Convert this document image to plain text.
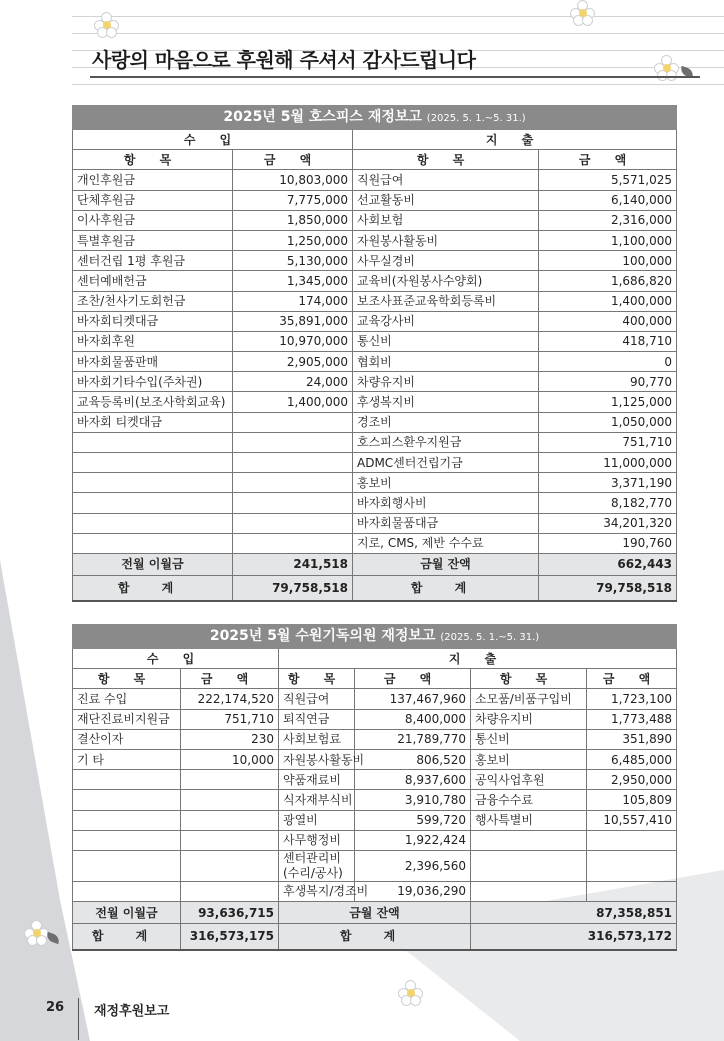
사랑의 마음으로 후원해 주셔서 감사드립니다
2025년 5월 호스피스 재정보고 (2025. 5. 1.~5. 31.)			
수 입		지 출	
항 목	금 액	항 목	금 액
개인후원금	10,803,000	직원급여	5,571,025
단체후원금	7,775,000	선교활동비	6,140,000
이사후원금	1,850,000	사회보험	2,316,000
특별후원금	1,250,000	자원봉사활동비	1,100,000
센터건립 1평 후원금	5,130,000	사무실경비	100,000
센터예배헌금	1,345,000	교육비(자원봉사수양회)	1,686,820
조찬/천사기도회헌금	174,000	보조사표준교육학회등록비	1,400,000
바자회티켓대금	35,891,000	교육강사비	400,000
바자회후원	10,970,000	통신비	418,710
바자회물품판매	2,905,000	협회비	0
바자회기타수입(주차권)	24,000	차량유지비	90,770
교육등록비(보조사학회교육)	1,400,000	후생복지비	1,125,000
바자회 티켓대금		경조비	1,050,000
		호스피스환우지원금	751,710
		ADMC센터건립기금	11,000,000
		홍보비	3,371,190
		바자회행사비	8,182,770
		바자회물품대금	34,201,320
		지로, CMS, 제반 수수료	190,760
전월 이월금	241,518	금월 잔액	662,443
합 계	79,758,518	합 계	79,758,518
2025년 5월 수원기독의원 재정보고 (2025. 5. 1.~5. 31.)					
수 입		지 출			
항 목	금 액	항 목	금 액	항 목	금 액
진료 수입	222,174,520	직원급여	137,467,960	소모품/비품구입비	1,723,100
재단진료비지원금	751,710	퇴직연금	8,400,000	차량유지비	1,773,488
결산이자	230	사회보험료	21,789,770	통신비	351,890
기 타	10,000	자원봉사활동비	806,520	홍보비	6,485,000
		약품재료비	8,937,600	공익사업후원	2,950,000
		식자재부식비	3,910,780	금융수수료	105,809
		광열비	599,720	행사특별비	10,557,410
		사무행정비	1,922,424		
		센터관리비 (수리/공사)	2,396,560		
		후생복지/경조비	19,036,290		
전월 이월금	93,636,715	금월 잔액		87,358,851	
합 계	316,573,175	합 계		316,573,172	
26 재정후원보고
